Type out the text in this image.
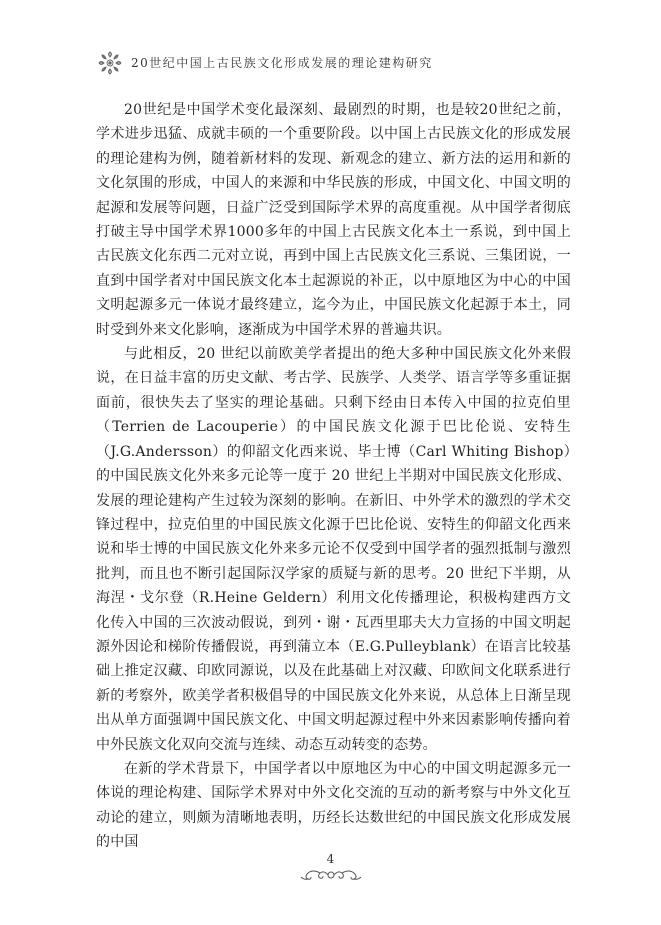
20世纪中国上古民族文化形成发展的理论建构研究

20世纪是中国学术变化最深刻、最剧烈的时期，也是较20世纪之前，学术进步迅猛、成就丰硕的一个重要阶段。以中国上古民族文化的形成发展的理论建构为例，随着新材料的发现、新观念的建立、新方法的运用和新的文化氛围的形成，中国人的来源和中华民族的形成，中国文化、中国文明的起源和发展等问题，日益广泛受到国际学术界的高度重视。从中国学者彻底打破主导中国学术界1000多年的中国上古民族文化本土一系说，到中国上古民族文化东西二元对立说，再到中国上古民族文化三系说、三集团说，一直到中国学者对中国民族文化本土起源说的补正，以中原地区为中心的中国文明起源多元一体说才最终建立，迄今为止，中国民族文化起源于本土，同时受到外来文化影响，逐渐成为中国学术界的普遍共识。

与此相反，20 世纪以前欧美学者提出的绝大多种中国民族文化外来假说，在日益丰富的历史文献、考古学、民族学、人类学、语言学等多重证据面前，很快失去了坚实的理论基础。只剩下经由日本传入中国的拉克伯里（Terrien de Lacouperie）的中国民族文化源于巴比伦说、安特生（J.G.Andersson）的仰韶文化西来说、毕士博（Carl Whiting Bishop）的中国民族文化外来多元论等一度于 20 世纪上半期对中国民族文化形成、发展的理论建构产生过较为深刻的影响。在新旧、中外学术的激烈的学术交锋过程中，拉克伯里的中国民族文化源于巴比伦说、安特生的仰韶文化西来说和毕士博的中国民族文化外来多元论不仅受到中国学者的强烈抵制与激烈批判，而且也不断引起国际汉学家的质疑与新的思考。20 世纪下半期，从海涅・戈尔登（R.Heine Geldern）利用文化传播理论，积极构建西方文化传入中国的三次波动假说，到列・谢・瓦西里耶夫大力宣扬的中国文明起源外因论和梯阶传播假说，再到蒲立本（E.G.Pulleyblank）在语言比较基础上推定汉藏、印欧同源说，以及在此基础上对汉藏、印欧间文化联系进行新的考察外，欧美学者积极倡导的中国民族文化外来说，从总体上日渐呈现出从单方面强调中国民族文化、中国文明起源过程中外来因素影响传播向着中外民族文化双向交流与连续、动态互动转变的态势。

在新的学术背景下，中国学者以中原地区为中心的中国文明起源多元一体说的理论构建、国际学术界对中外文化交流的互动的新考察与中外文化互动论的建立，则颇为清晰地表明，历经长达数世纪的中国民族文化形成发展的中国

4
